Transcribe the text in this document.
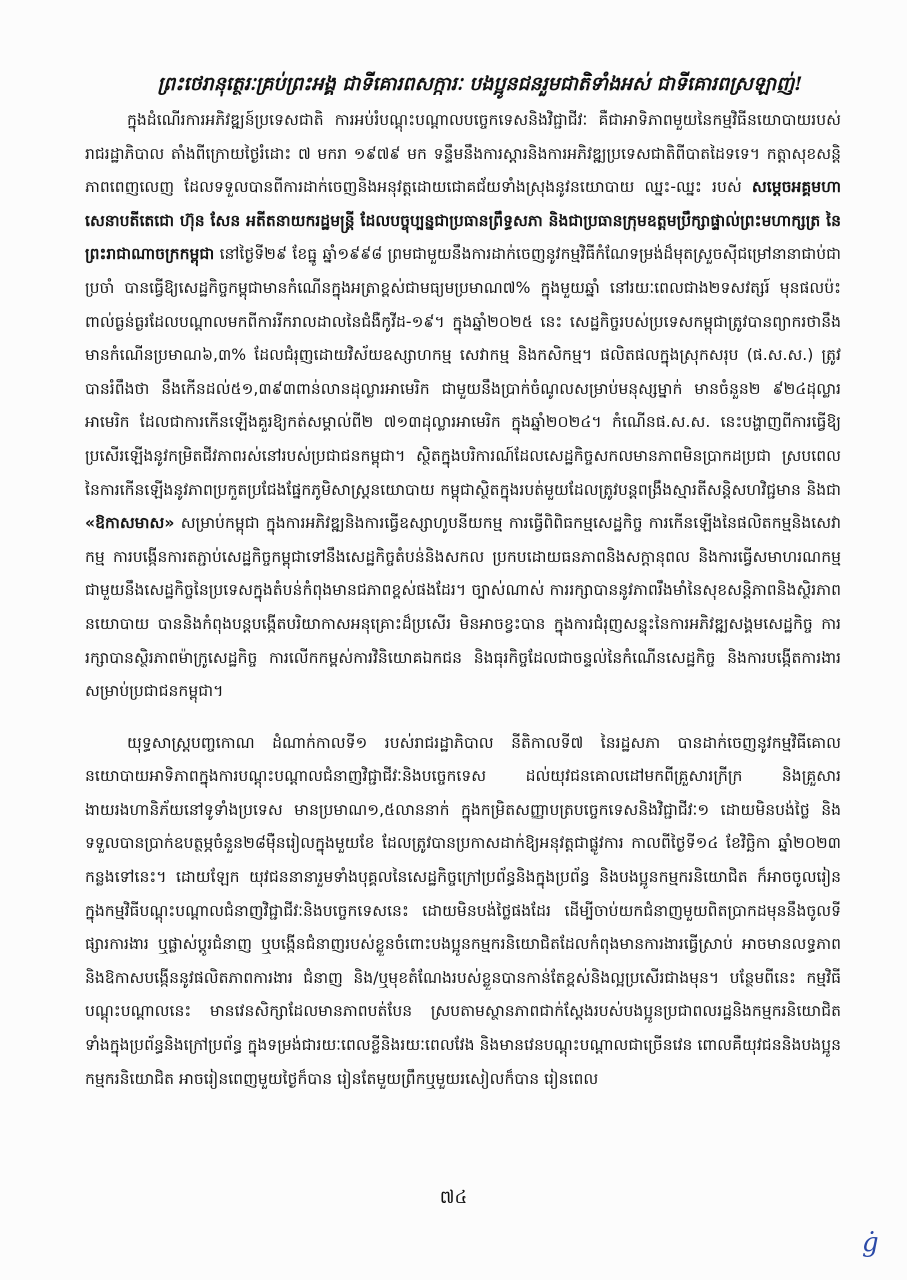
ព្រះថេរានុត្ថេរៈគ្រប់ព្រះអង្គ ជាទីគោរពសក្ការៈ បងប្អូនជនរួមជាតិទាំងអស់ ជាទីគោរពស្រឡាញ់!

ក្នុងដំណើរការអភិវឌ្ឍន៍ប្រទេសជាតិ ការអប់រំបណ្តុះបណ្តាលបច្ចេកទេសនិងវិជ្ជាជីវៈ គឺជាអាទិភាពមួយនៃកម្មវិធីនយោបាយរបស់រាជរដ្ឋាភិបាល តាំងពីក្រោយថ្ងៃរំដោះ ៧ មករា ១៩៧៩ មក ទន្ទឹមនឹងការស្តារនិងការអភិវឌ្ឍប្រទេសជាតិពីបាតដៃទទេ។ កត្តាសុខសន្តិភាពពេញលេញ ដែលទទួលបានពីការដាក់ចេញនិងអនុវត្តដោយជោគជ័យទាំងស្រុងនូវនយោបាយ ឈ្នះ-ឈ្នះ របស់ សម្តេចអគ្គមហាសេនាបតីតេជោ ហ៊ុន សែន អតីតនាយករដ្ឋមន្ត្រី ដែលបច្ចុប្បន្នជាប្រធានព្រឹទ្ធសភា និងជាប្រធានក្រុមឧត្តមប្រឹក្សាផ្ទាល់ព្រះមហាក្សត្រ នៃព្រះរាជាណាចក្រកម្ពុជា នៅថ្ងៃទី២៩ ខែធ្នូ ឆ្នាំ១៩៩៨ ព្រមជាមួយនឹងការដាក់ចេញនូវកម្មវិធីកំណែទម្រង់ដ៏មុតស្រួចស៊ីជម្រៅនានាជាប់ជាប្រចាំ បានធ្វើឱ្យសេដ្ឋកិច្ចកម្ពុជាមានកំណើនក្នុងអត្រាខ្ពស់ជាមធ្យមប្រមាណ៧% ក្នុងមួយឆ្នាំ នៅរយៈពេលជាង២ទសវត្សរ៍ មុនផលប៉ះពាល់ធ្ងន់ធ្ងរដែលបណ្តាលមកពីការរីករាលដាលនៃជំងឺកូវីដ-១៩។ ក្នុងឆ្នាំ២០២៥ នេះ សេដ្ឋកិច្ចរបស់ប្រទេសកម្ពុជាត្រូវបានព្យាករថានឹងមានកំណើនប្រមាណ៦,៣% ដែលជំរុញដោយវិស័យឧស្សាហកម្ម សេវាកម្ម និងកសិកម្ម។ ផលិតផលក្នុងស្រុកសរុប (ផ.ស.ស.) ត្រូវបានរំពឹងថា នឹងកើនដល់៥១,៣៩៣ពាន់លានដុល្លារអាមេរិក ជាមួយនឹងប្រាក់ចំណូលសម្រាប់មនុស្សម្នាក់ មានចំនួន២ ៩២៤ដុល្លារអាមេរិក ដែលជាការកើនឡើងគួរឱ្យកត់សម្គាល់ពី២ ៧១៣ដុល្លារអាមេរិក ក្នុងឆ្នាំ២០២៤។ កំណើនផ.ស.ស. នេះបង្ហាញពីការធ្វើឱ្យប្រសើរឡើងនូវកម្រិតជីវភាពរស់នៅរបស់ប្រជាជនកម្ពុជា។ ស្ថិតក្នុងបរិការណ៍ដែលសេដ្ឋកិច្ចសកលមានភាពមិនប្រាកដប្រជា ស្របពេលនៃការកើនឡើងនូវភាពប្រកួតប្រជែងផ្នែកភូមិសាស្ត្រនយោបាយ កម្ពុជាស្ថិតក្នុងរបត់មួយដែលត្រូវបន្តពង្រឹងស្មារតីសន្តិសហវិជ្ជមាន និងជា «ឱកាសមាស» សម្រាប់កម្ពុជា ក្នុងការអភិវឌ្ឍនិងការធ្វើឧស្សាហូបនីយកម្ម ការធ្វើពិពិធកម្មសេដ្ឋកិច្ច ការកើនឡើងនៃផលិតកម្មនិងសេវាកម្ម ការបង្កើនការតភ្ជាប់សេដ្ឋកិច្ចកម្ពុជាទៅនឹងសេដ្ឋកិច្ចតំបន់និងសកល ប្រកបដោយធនភាពនិងសក្តានុពល និងការធ្វើសមាហរណកម្មជាមួយនឹងសេដ្ឋកិច្ចនៃប្រទេសក្នុងតំបន់កំពុងមានជភាពខ្ពស់ផងដែរ។ ច្បាស់ណាស់ ការរក្សាបាននូវភាពរឹងមាំនៃសុខសន្តិភាពនិងស្ថិរភាពនយោបាយ បាននិងកំពុងបន្តបង្កើតបរិយាកាសអនុគ្រោះដ៏ប្រសើរ មិនអាចខ្វះបាន ក្នុងការជំរុញសន្ទុះនៃការអភិវឌ្ឍសង្គមសេដ្ឋកិច្ច ការរក្សាបានស្ថិរភាពម៉ាក្រូសេដ្ឋកិច្ច ការលើកកម្ពស់ការវិនិយោគឯកជន និងធុរកិច្ចដែលជាចន្ទល់នៃកំណើនសេដ្ឋកិច្ច និងការបង្កើតការងារសម្រាប់ប្រជាជនកម្ពុជា។

យុទ្ធសាស្ត្របញ្ចកោណ ដំណាក់កាលទី១ របស់រាជរដ្ឋាភិបាល នីតិកាលទី៧ នៃរដ្ឋសភា បានដាក់ចេញនូវកម្មវិធីគោលនយោបាយអាទិភាពក្នុងការបណ្តុះបណ្តាលជំនាញវិជ្ជាជីវៈនិងបច្ចេកទេស ដល់យុវជនគោលដៅមកពីគ្រួសារក្រីក្រ និងគ្រួសារងាយរងហានិភ័យនៅទូទាំងប្រទេស មានប្រមាណ១,៥លាននាក់ ក្នុងកម្រិតសញ្ញាបត្របច្ចេកទេសនិងវិជ្ជាជីវៈ១ ដោយមិនបង់ថ្លៃ និងទទួលបានប្រាក់ឧបត្ថម្ភចំនួន២៨ម៉ឺនរៀលក្នុងមួយខែ ដែលត្រូវបានប្រកាសដាក់ឱ្យអនុវត្តជាផ្លូវការ កាលពីថ្ងៃទី១៤ ខែវិច្ឆិកា ឆ្នាំ២០២៣ កន្លងទៅនេះ។ ដោយឡែក យុវជននានារួមទាំងបុគ្គលនៃសេដ្ឋកិច្ចក្រៅប្រព័ន្ធនិងក្នុងប្រព័ន្ធ និងបងប្អូនកម្មករនិយោជិត ក៏អាចចូលរៀនក្នុងកម្មវិធីបណ្តុះបណ្តាលជំនាញវិជ្ជាជីវៈនិងបច្ចេកទេសនេះ ដោយមិនបង់ថ្លៃផងដែរ ដើម្បីចាប់យកជំនាញមួយពិតប្រាកដមុននឹងចូលទីផ្សារការងារ ឬផ្លាស់ប្តូរជំនាញ ឬបង្កើនជំនាញរបស់ខ្លួនចំពោះបងប្អូនកម្មករនិយោជិតដែលកំពុងមានការងារធ្វើស្រាប់ អាចមានលទ្ធភាព និងឱកាសបង្កើននូវផលិតភាពការងារ ជំនាញ និង/ឬមុខតំណែងរបស់ខ្លួនបានកាន់តែខ្ពស់និងល្អប្រសើរជាងមុន។ បន្ថែមពីនេះ កម្មវិធីបណ្តុះបណ្តាលនេះ មានវេនសិក្សាដែលមានភាពបត់បែន ស្របតាមស្ថានភាពជាក់ស្តែងរបស់បងប្អូនប្រជាពលរដ្ឋនិងកម្មករនិយោជិត ទាំងក្នុងប្រព័ន្ធនិងក្រៅប្រព័ន្ធ ក្នុងទម្រង់ជារយៈពេលខ្លីនិងរយៈពេលវែង និងមានវេនបណ្តុះបណ្តាលជាច្រើនវេន ពោលគឺយុវជននិងបងប្អូនកម្មករនិយោជិត អាចរៀនពេញមួយថ្ងៃក៏បាន រៀនតែមួយព្រឹកឬមួយរសៀលក៏បាន រៀនពេល

៧៤
ġ
